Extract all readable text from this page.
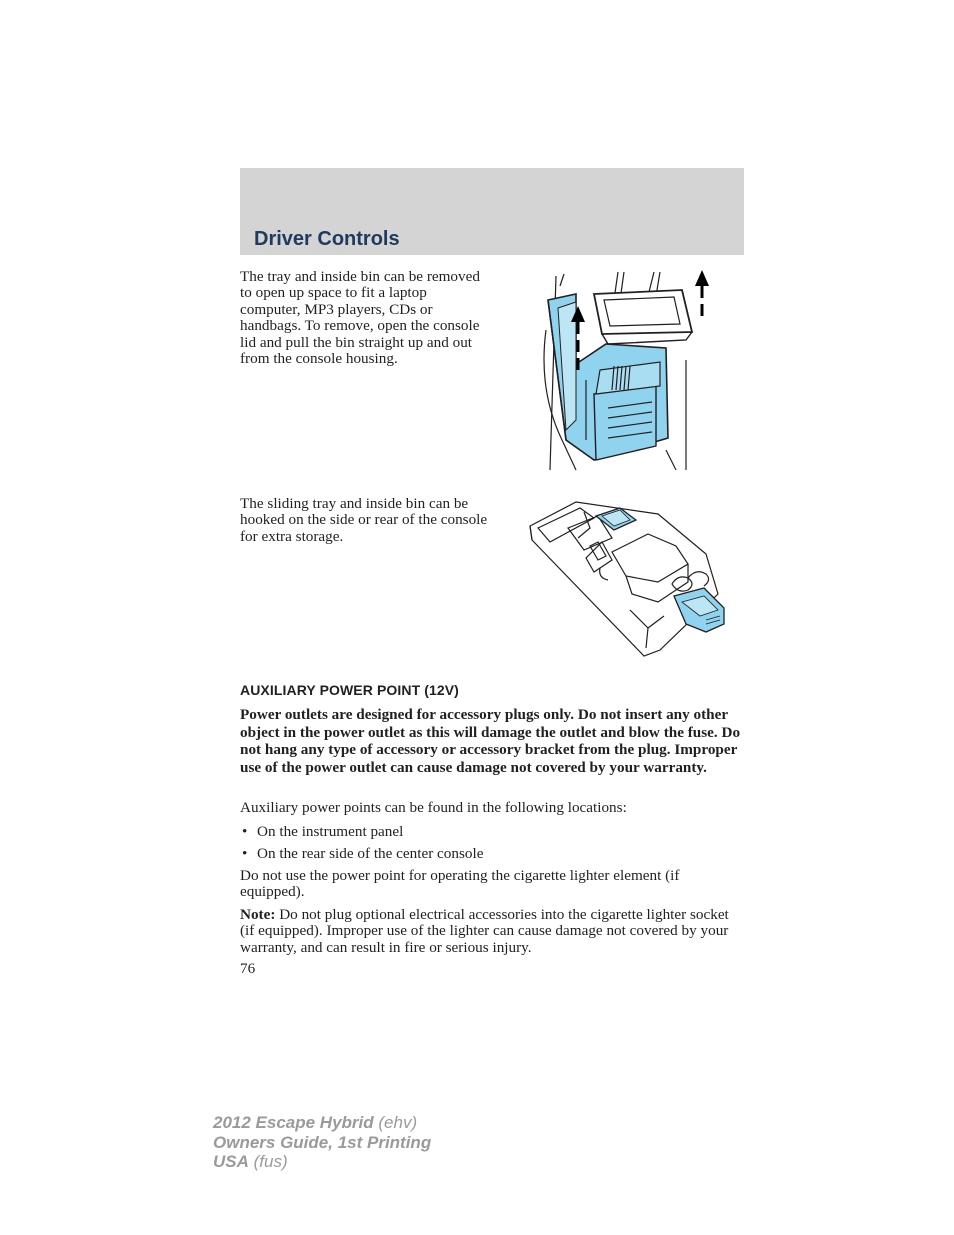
Driver Controls

The tray and inside bin can be removed to open up space to fit a laptop computer, MP3 players, CDs or handbags. To remove, open the console lid and pull the bin straight up and out from the console housing.

The sliding tray and inside bin can be hooked on the side or rear of the console for extra storage.

AUXILIARY POWER POINT (12V)

Power outlets are designed for accessory plugs only. Do not insert any other object in the power outlet as this will damage the outlet and blow the fuse. Do not hang any type of accessory or accessory bracket from the plug. Improper use of the power outlet can cause damage not covered by your warranty.

Auxiliary power points can be found in the following locations:

• On the instrument panel
• On the rear side of the center console

Do not use the power point for operating the cigarette lighter element (if equipped).

Note: Do not plug optional electrical accessories into the cigarette lighter socket (if equipped). Improper use of the lighter can cause damage not covered by your warranty, and can result in fire or serious injury.

76
2012 Escape Hybrid (ehv)
Owners Guide, 1st Printing
USA (fus)
